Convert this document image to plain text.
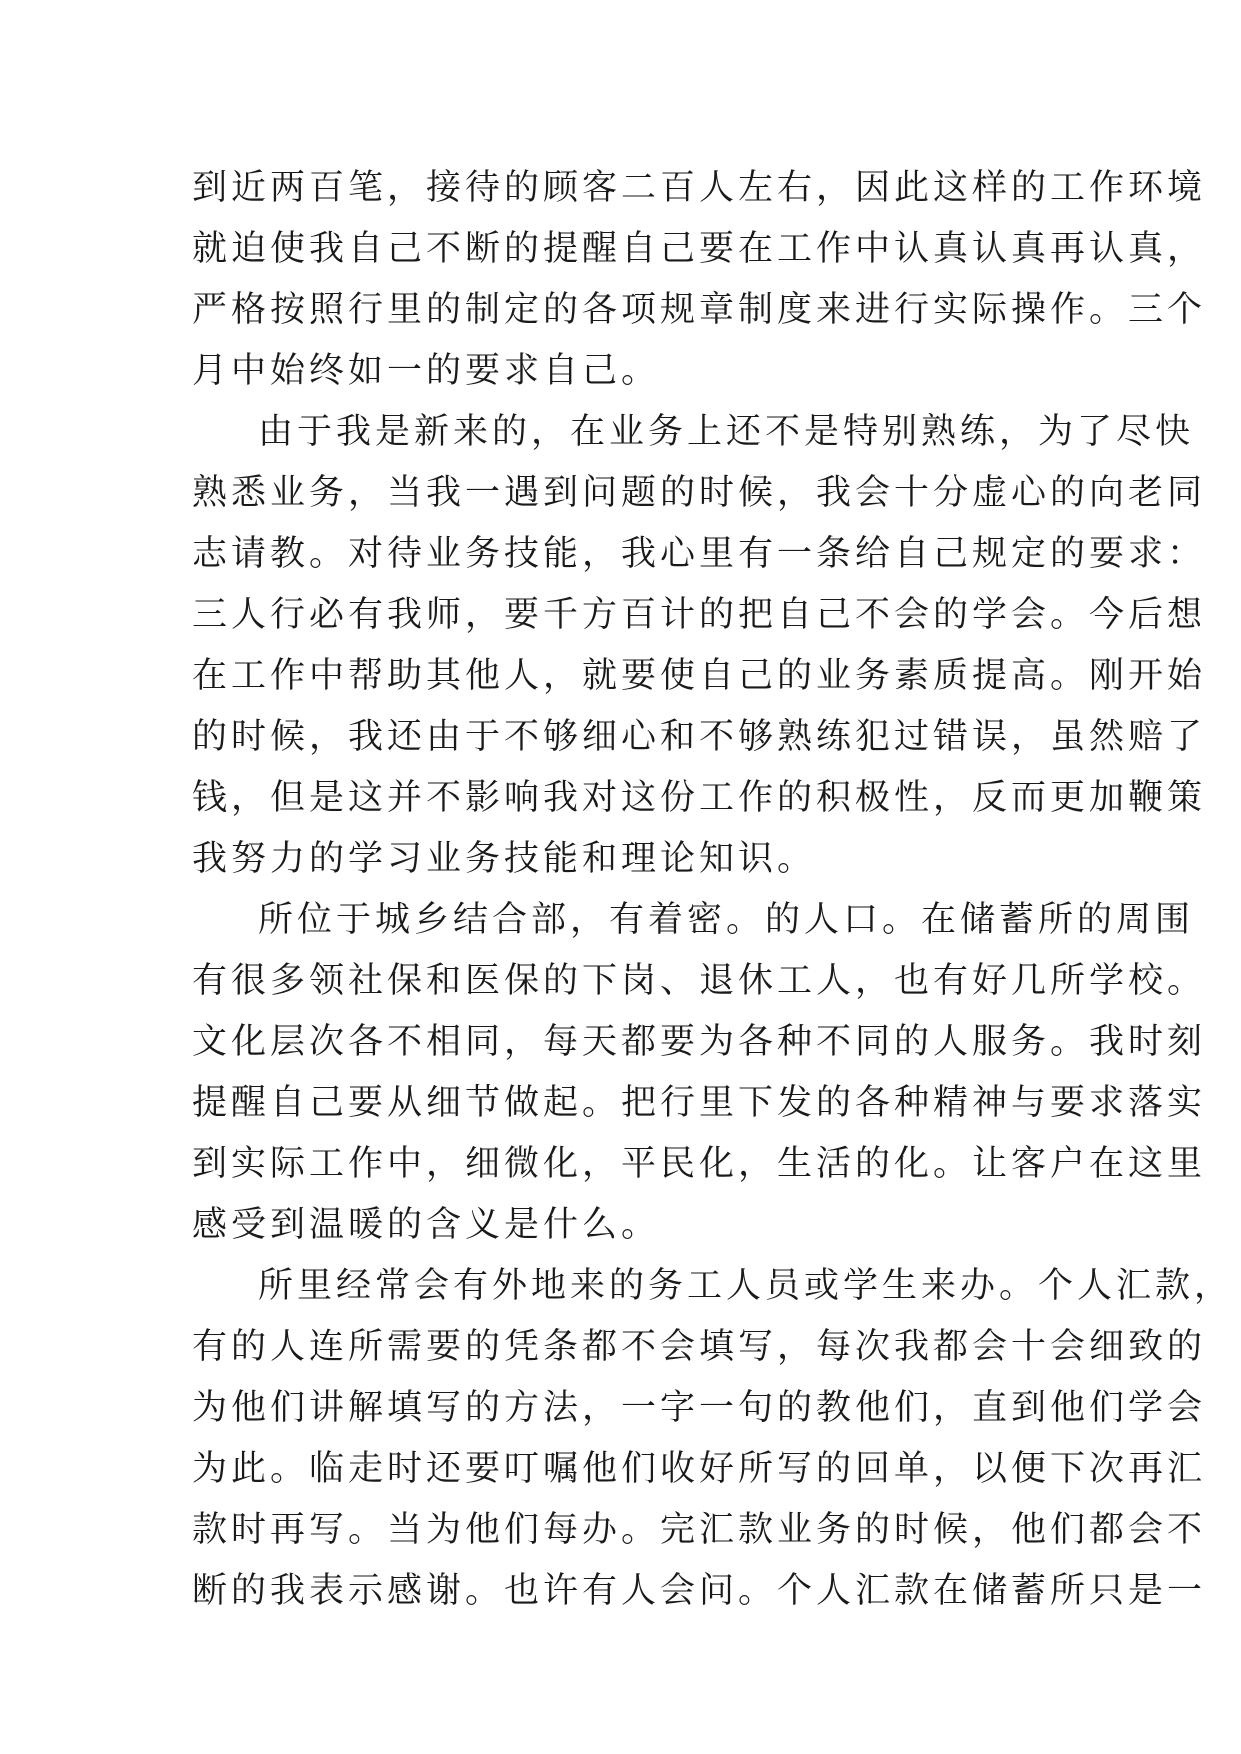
到近两百笔，接待的顾客二百人左右，因此这样的工作环境
就迫使我自己不断的提醒自己要在工作中认真认真再认真，
严格按照行里的制定的各项规章制度来进行实际操作。三个
月中始终如一的要求自己。
由于我是新来的，在业务上还不是特别熟练，为了尽快
熟悉业务，当我一遇到问题的时候，我会十分虚心的向老同
志请教。对待业务技能，我心里有一条给自己规定的要求：
三人行必有我师，要千方百计的把自己不会的学会。今后想
在工作中帮助其他人，就要使自己的业务素质提高。刚开始
的时候，我还由于不够细心和不够熟练犯过错误，虽然赔了
钱，但是这并不影响我对这份工作的积极性，反而更加鞭策
我努力的学习业务技能和理论知识。
所位于城乡结合部，有着密。的人口。在储蓄所的周围
有很多领社保和医保的下岗、退休工人，也有好几所学校。
文化层次各不相同，每天都要为各种不同的人服务。我时刻
提醒自己要从细节做起。把行里下发的各种精神与要求落实
到实际工作中，细微化，平民化，生活的化。让客户在这里
感受到温暖的含义是什么。
所里经常会有外地来的务工人员或学生来办。个人汇款，
有的人连所需要的凭条都不会填写，每次我都会十会细致的
为他们讲解填写的方法，一字一句的教他们，直到他们学会
为此。临走时还要叮嘱他们收好所写的回单，以便下次再汇
款时再写。当为他们每办。完汇款业务的时候，他们都会不
断的我表示感谢。也许有人会问。个人汇款在储蓄所只是一
